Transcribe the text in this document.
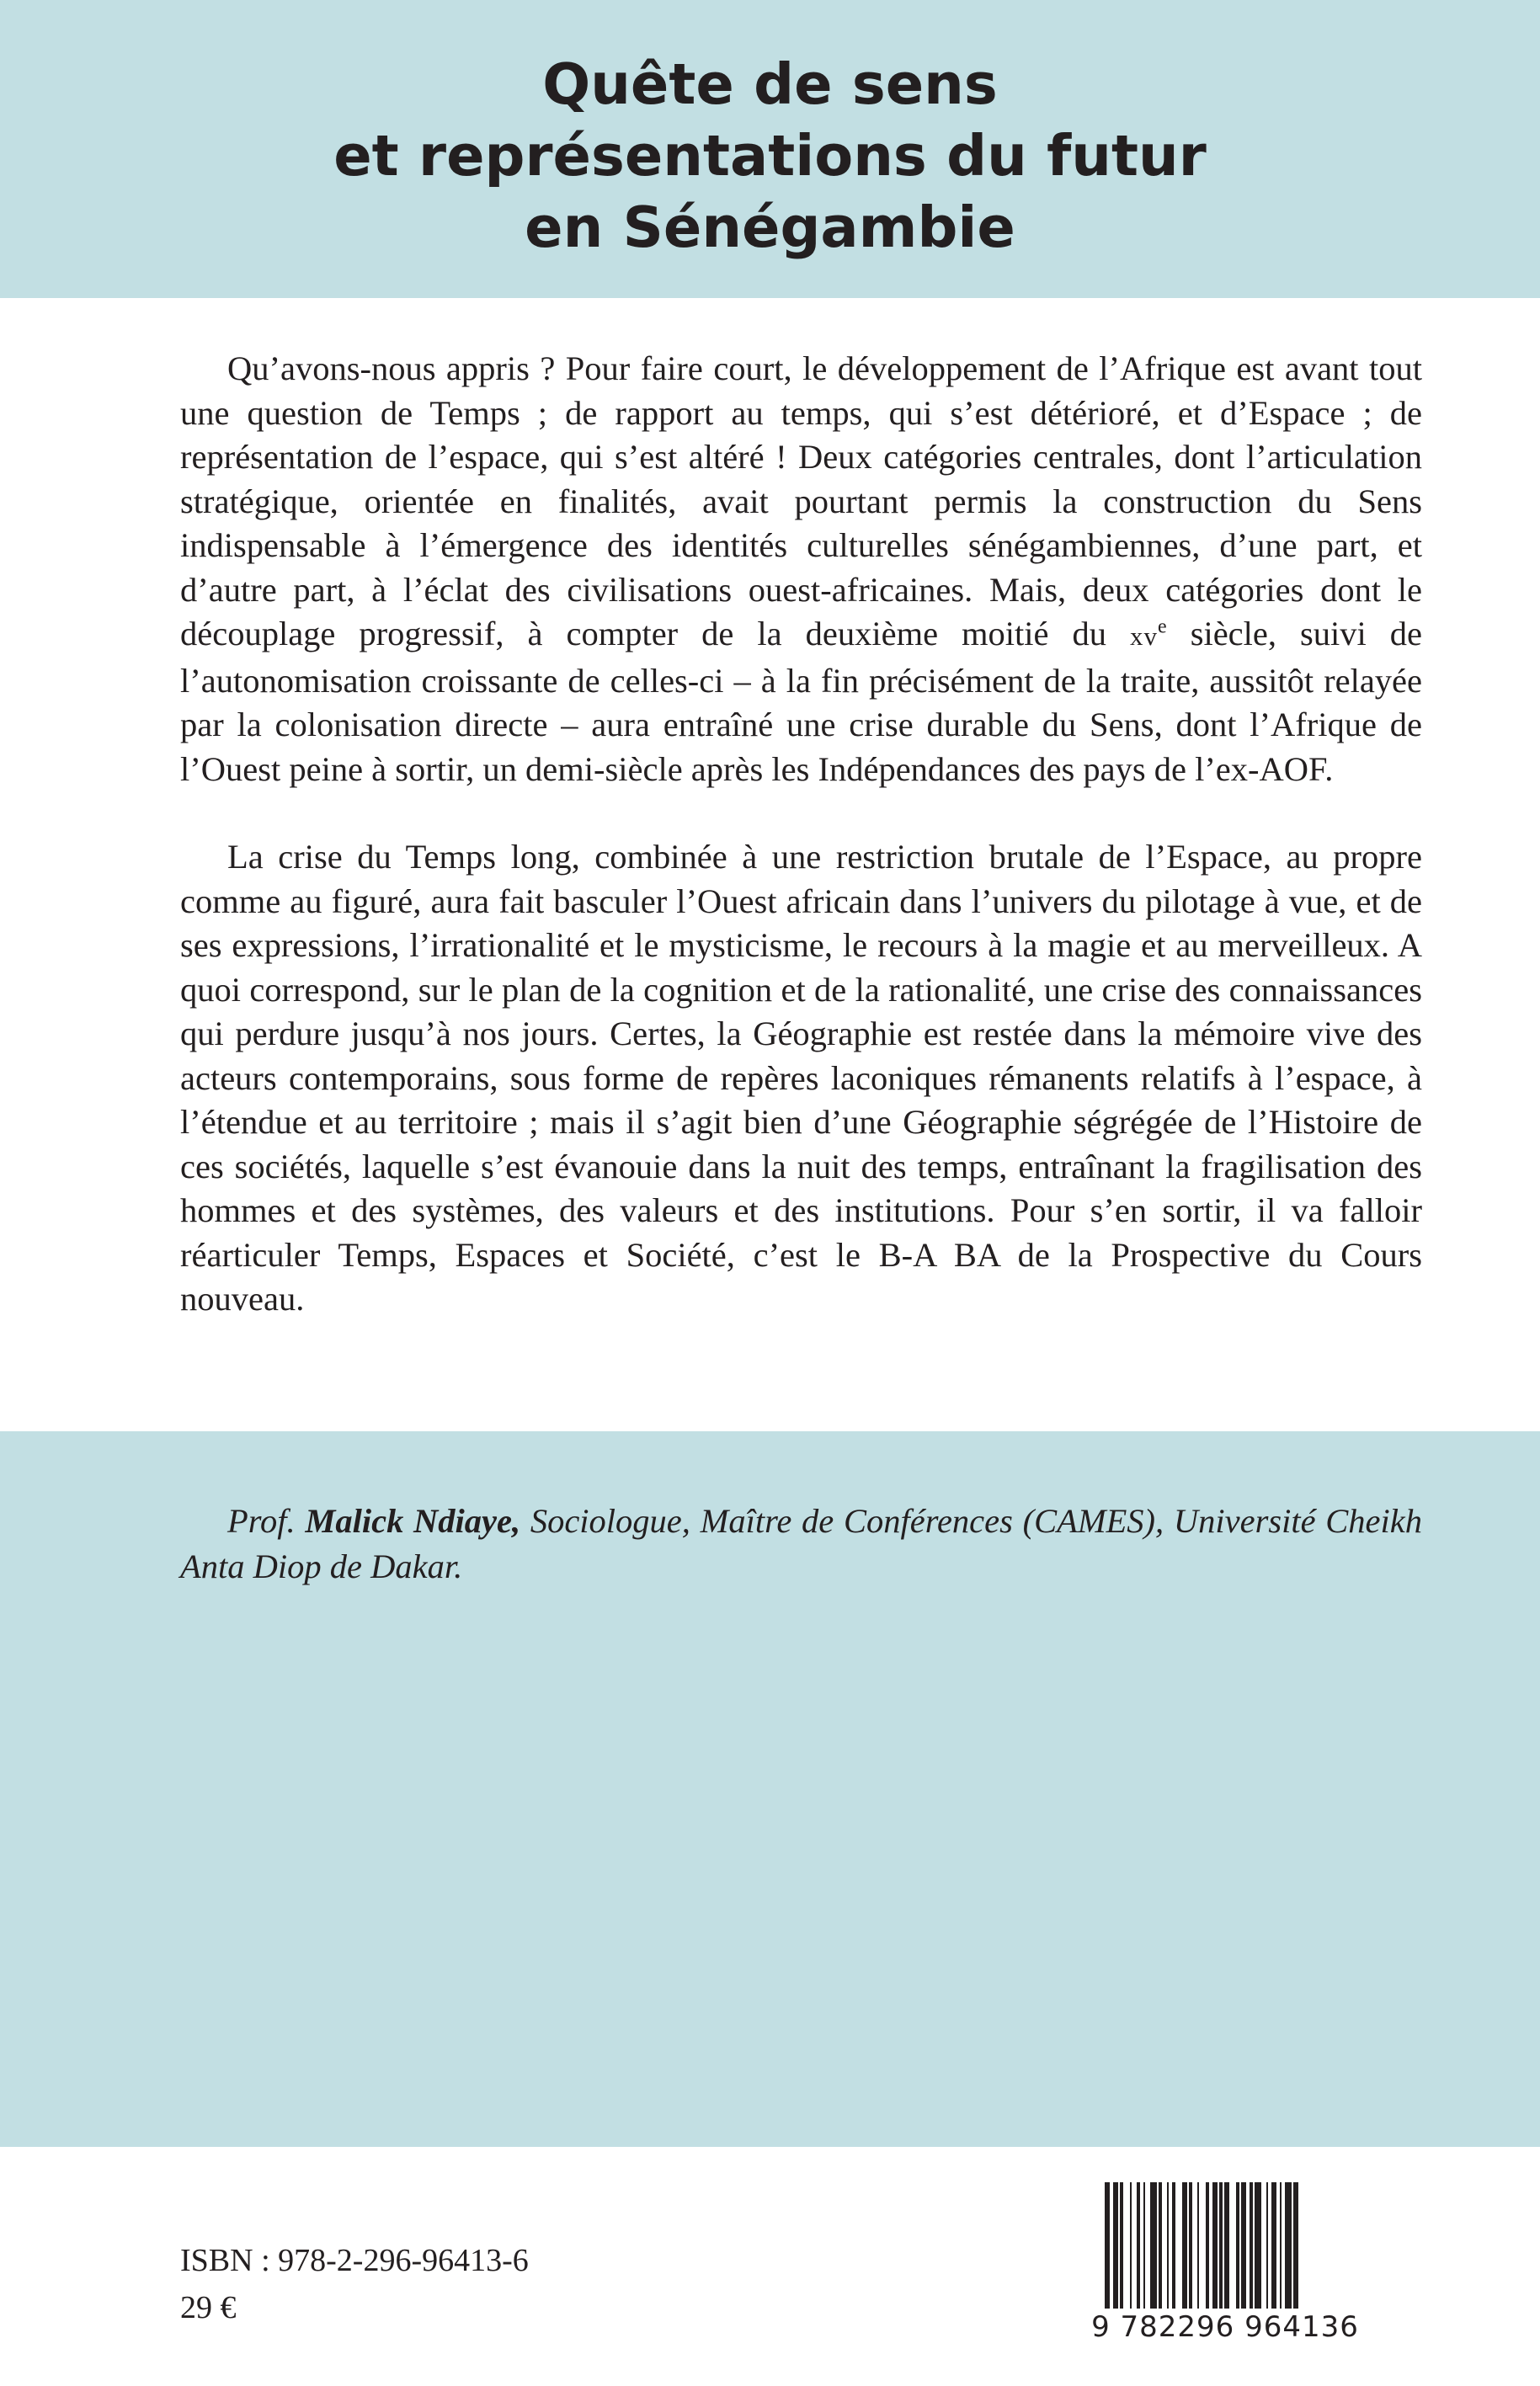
Quête de sens
et représentations du futur
en Sénégambie

Qu’avons-nous appris ? Pour faire court, le développement de l’Afrique est avant tout une question de Temps ; de rapport au temps, qui s’est détérioré, et d’Espace ; de représentation de l’espace, qui s’est altéré ! Deux catégories centrales, dont l’articulation stratégique, orientée en finalités, avait pourtant permis la construction du Sens indispensable à l’émergence des identités culturelles sénégambiennes, d’une part, et d’autre part, à l’éclat des civilisations ouest-africaines. Mais, deux catégories dont le découplage progressif, à compter de la deuxième moitié du $xv^e$ siècle, suivi de l’autonomisation croissante de celles-ci – à la fin précisément de la traite, aussitôt relayée par la colonisation directe – aura entraîné une crise durable du Sens, dont l’Afrique de l’Ouest peine à sortir, un demi-siècle après les Indépendances des pays de l’ex-AOF.

La crise du Temps long, combinée à une restriction brutale de l’Espace, au propre comme au figuré, aura fait basculer l’Ouest africain dans l’univers du pilotage à vue, et de ses expressions, l’irrationalité et le mysticisme, le recours à la magie et au merveilleux. A quoi correspond, sur le plan de la cognition et de la rationalité, une crise des connaissances qui perdure jusqu’à nos jours. Certes, la Géographie est restée dans la mémoire vive des acteurs contemporains, sous forme de repères laconiques rémanents relatifs à l’espace, à l’étendue et au territoire ; mais il s’agit bien d’une Géographie ségrégée de l’Histoire de ces sociétés, laquelle s’est évanouie dans la nuit des temps, entraînant la fragilisation des hommes et des systèmes, des valeurs et des institutions. Pour s’en sortir, il va falloir réarticuler Temps, Espaces et Société, c’est le B-A BA de la Prospective du Cours nouveau.

Prof. Malick Ndiaye, Sociologue, Maître de Conférences (CAMES), Université Cheikh Anta Diop de Dakar.
ISBN : 978-2-296-96413-6
29 €
9 782296 964136
